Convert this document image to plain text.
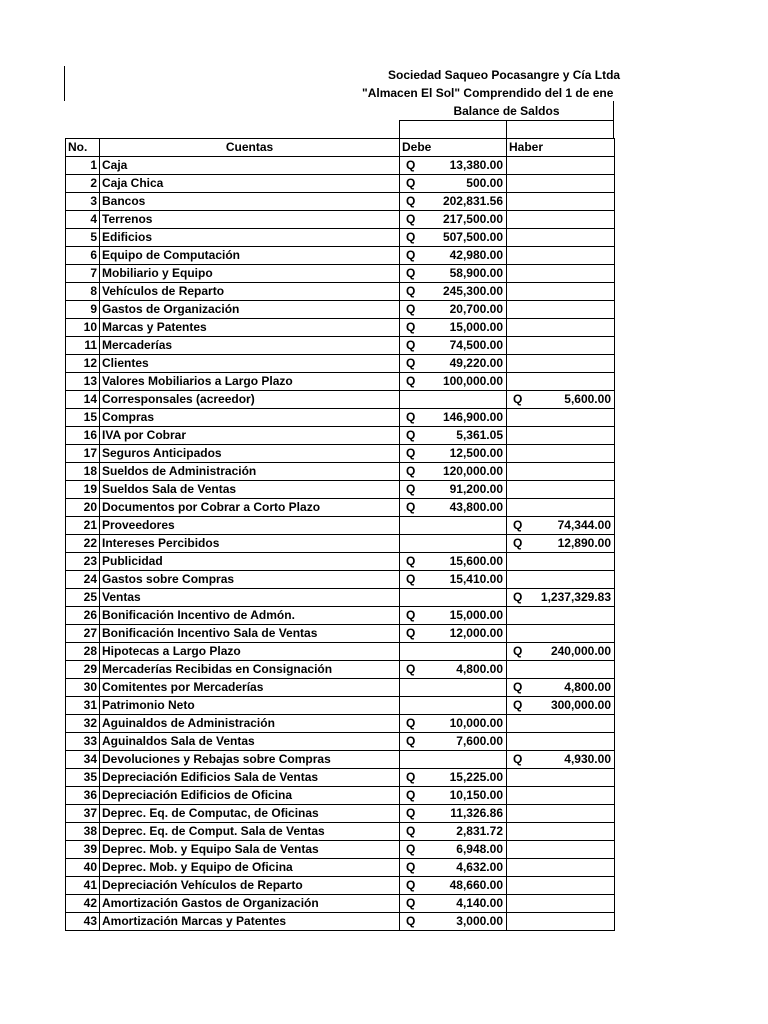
Sociedad Saqueo Pocasangre y Cía Ltda
"Almacen El Sol" Comprendido del 1 de ene
Balance de Saldos
No.	Cuentas	Debe	Haber
1	Caja	Q 13,380.00	

2	Caja Chica	Q 500.00	

3	Bancos	Q 202,831.56	

4	Terrenos	Q 217,500.00	

5	Edificios	Q 507,500.00	

6	Equipo de Computación	Q 42,980.00	

7	Mobiliario y Equipo	Q 58,900.00	

8	Vehículos de Reparto	Q 245,300.00	

9	Gastos de Organización	Q 20,700.00	

10	Marcas y Patentes	Q 15,000.00	

11	Mercaderías	Q 74,500.00	

12	Clientes	Q 49,220.00	

13	Valores Mobiliarios a Largo Plazo	Q 100,000.00	

14	Corresponsales (acreedor)		Q 5,600.00

15	Compras	Q 146,900.00	

16	IVA por Cobrar	Q 5,361.05	

17	Seguros Anticipados	Q 12,500.00	

18	Sueldos de Administración	Q 120,000.00	

19	Sueldos Sala de Ventas	Q 91,200.00	

20	Documentos por Cobrar a Corto Plazo	Q 43,800.00	

21	Proveedores		Q 74,344.00

22	Intereses Percibidos		Q 12,890.00

23	Publicidad	Q 15,600.00	

24	Gastos sobre Compras	Q 15,410.00	

25	Ventas		Q 1,237,329.83

26	Bonificación Incentivo de Admón.	Q 15,000.00	

27	Bonificación Incentivo Sala de Ventas	Q 12,000.00	

28	Hipotecas a Largo Plazo		Q 240,000.00

29	Mercaderías Recibidas en Consignación	Q 4,800.00	

30	Comitentes por Mercaderías		Q 4,800.00

31	Patrimonio Neto		Q 300,000.00

32	Aguinaldos de Administración	Q 10,000.00	

33	Aguinaldos Sala de Ventas	Q 7,600.00	

34	Devoluciones y Rebajas sobre Compras		Q 4,930.00

35	Depreciación Edificios Sala de Ventas	Q 15,225.00	

36	Depreciación Edificios de Oficina	Q 10,150.00	

37	Deprec. Eq. de Computac, de Oficinas	Q 11,326.86	

38	Deprec. Eq. de Comput. Sala de Ventas	Q 2,831.72	

39	Deprec. Mob. y Equipo Sala de Ventas	Q 6,948.00	

40	Deprec. Mob. y Equipo de Oficina	Q 4,632.00	

41	Depreciación Vehículos de Reparto	Q 48,660.00	

42	Amortización Gastos de Organización	Q 4,140.00	

43	Amortización Marcas y Patentes	Q 3,000.00	
